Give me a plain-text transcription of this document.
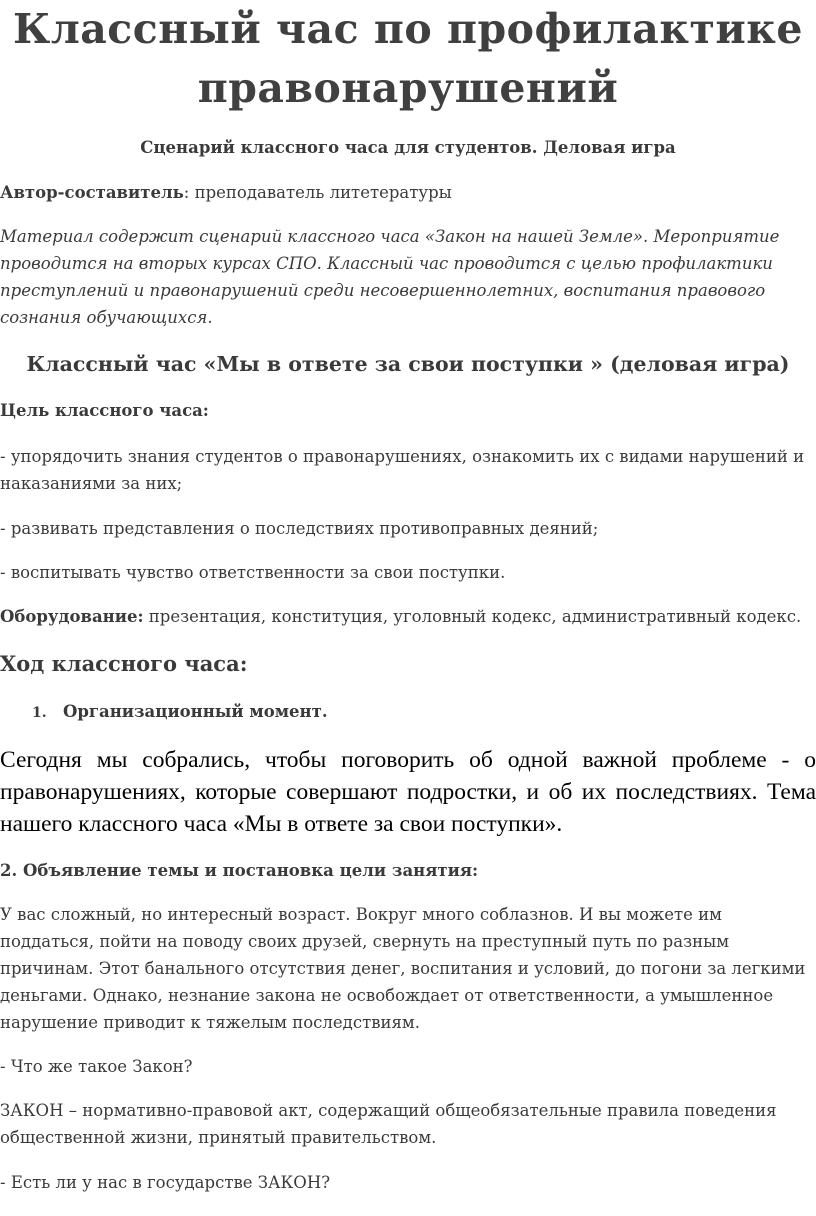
Классный час по профилактике
правонарушений

Сценарий классного часа для студентов. Деловая игра

Автор-составитель: преподаватель литетературы

Материал содержит сценарий классного часа «Закон на нашей Земле». Мероприятие проводится на вторых курсах СПО. Классный час проводится с целью профилактики преступлений и правонарушений среди несовершеннолетних, воспитания правового сознания обучающихся.

Классный час «Мы в ответе за свои поступки » (деловая игра)

Цель классного часа:

- упорядочить знания студентов о правонарушениях, ознакомить их с видами нарушений и наказаниями за них;

- развивать представления о последствиях противоправных деяний;

- воспитывать чувство ответственности за свои поступки.

Оборудование: презентация, конституция, уголовный кодекс, административный кодекс.

Ход классного часа:
1. Организационный момент.
Сегодня мы собрались, чтобы поговорить об одной важной проблеме - о
правонарушениях, которые совершают подростки, и об их последствиях. Тема
нашего классного часа «Мы в ответе за свои поступки».

2. Объявление темы и постановка цели занятия:

У вас сложный, но интересный возраст. Вокруг много соблазнов. И вы можете им поддаться, пойти на поводу своих друзей, свернуть на преступный путь по разным причинам. Этот банального отсутствия денег, воспитания и условий, до погони за легкими деньгами. Однако, незнание закона не освобождает от ответственности, а умышленное нарушение приводит к тяжелым последствиям.

- Что же такое Закон?

ЗАКОН – нормативно-правовой акт, содержащий общеобязательные правила поведения общественной жизни, принятый правительством.

- Есть ли у нас в государстве ЗАКОН?
